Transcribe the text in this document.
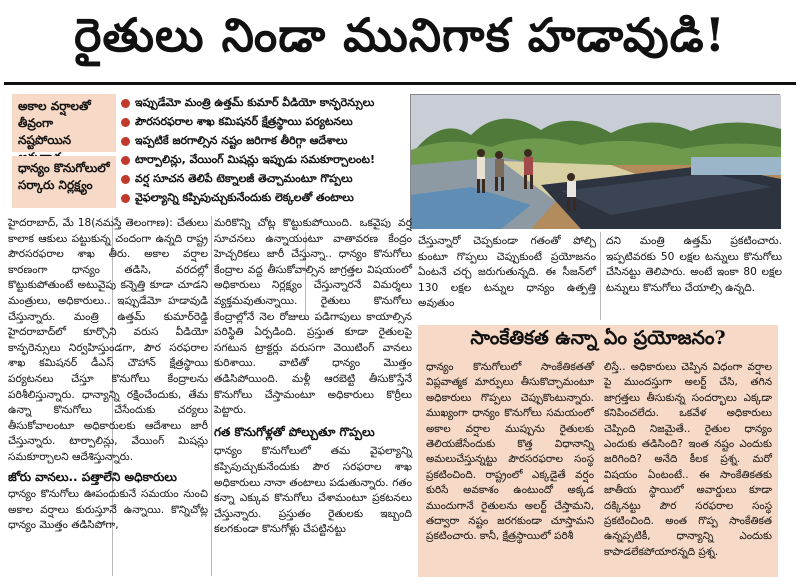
రైతులు నిండా మునిగాక హడావుడి!
అకాల వర్షాలతో తీవ్రంగా నష్టపోయిన
ధాన్యం కొనుగోలులో సర్కారు నిర్లక్ష్యం
ఇప్పుడేమో మంత్రి ఉత్తమ్ కుమార్ వీడియో కాన్ఫరెన్సులు
పౌరసరఫరాల శాఖ కమిషనర్ క్షేత్రస్థాయి పర్యటనలు
ఇప్పటికే జరగాల్సిన నష్టం జరిగాక తీరిగ్గా ఆదేశాలు
టార్పాలిన్లు, వేయింగ్ మిషన్లు ఇప్పుడు సమకూర్చాలంట!
వర్ష సూచన తెలిపే టెక్నాలజీ తెచ్చామంటూ గొప్పలు
వైఫల్యాన్ని కప్పిపుచ్చుకునేందుకు లెక్కలతో తంటాలు

హైదరాబాద్, మే 18(నమస్తే తెలంగాణ): చేతులు కాలాక ఆకులు పట్టుకున్న చందంగా ఉన్నది రాష్ట్ర పౌరసరఫరాల శాఖ తీరు. అకాల వర్షాల కారణంగా ధాన్యం తడిసి, వరదల్లో కొట్టుకుపోతుంటే అటువైపు కన్నెత్తి కూడా చూడని మంత్రులు, అధికారులు.. ఇప్పుడేమో హడావుడి చేస్తున్నారు. మంత్రి ఉత్తమ్ కుమార్‌రెడ్డి హైదరాబాద్‌లో కూర్చొని వరుస వీడియో కాన్ఫరెన్సులు నిర్వహిస్తుండగా, పౌర సరఫరాల శాఖ కమిషనర్ డీఎస్ చౌహాన్ క్షేత్రస్థాయి పర్యటనలు చేస్తూ కొనుగోలు కేంద్రాలను పరిశీలిస్తున్నారు. ధాన్యాన్ని రక్షించేందుకు, తేమ ఉన్నా కొనుగోలు చేసేందుకు చర్యలు తీసుకోవాలంటూ అధికారులకు ఆదేశాలు జారీ చేస్తున్నారు. టార్పాలిన్లు, వేయింగ్ మిషన్లు సమకూర్చాలని ఆదేశిస్తున్నారు.

జోరు వానలు.. పత్తాలేని అధికారులు

ధాన్యం కొనుగోలు ఊపందుకునే సమయం నుంచి అకాల వర్షాలు కురుస్తూనే ఉన్నాయి. కొన్నిచోట్ల ధాన్యం మొత్తం తడిసిపోగా,

మరికొన్ని చోట్ల కొట్టుకుపోయింది. ఒకవైపు వర్ష సూచనలు ఉన్నాయంటూ వాతావరణ కేంద్రం హెచ్చరికలు జారీ చేస్తున్నా.. ధాన్యం కొనుగోలు కేంద్రాల వద్ద తీసుకోవాల్సిన జాగ్రత్తల విషయంలో అధికారులు నిర్లక్ష్యం చేస్తున్నారనే విమర్శలు వ్యక్తమవుతున్నాయి. రైతులు కొనుగోలు కేంద్రాల్లోనే నెల రోజులు పడిగాపులు కాయాల్సిన పరిస్థితి ఏర్పడింది. ప్రస్తుత కూడా రైతులపై సగటున ట్రాక్టర్లు వరుసగా వెయిటింగ్ వానలు కురిశాయి. వాటితో ధాన్యం మొత్తం తడిసిపోయింది. మళ్లీ ఆరబెట్టి తీసుకొస్తేనే కొనుగోలు చేస్తామంటూ అధికారులు కొర్రీలు పెట్టారు.

గత కొనుగోళ్లతో పోల్చుతూ గొప్పలు

ధాన్యం కొనుగోలులో తమ వైఫల్యాన్ని కప్పిపుచ్చుకునేందుకు పౌర సరఫరాల శాఖ అధికారులు నానా తంటాలు పడుతున్నారు. గతం కన్నా ఎక్కువ కొనుగోలు చేశామంటూ ప్రకటనలు చేస్తున్నారు. ప్రస్తుతం రైతులకు ఇబ్బంది కలగకుండా కొనుగోళ్లు చేపట్టినట్టు

చేస్తున్నారో చెప్పకుండా గతంతో పోల్చి కుంటూ గొప్పలు చెప్పుకుంటే ప్రయోజనం ఏంటనే చర్చ జరుగుతున్నది. ఈ సీజన్‌లో 130 లక్షల టన్నుల ధాన్యం ఉత్పత్తి అవుతుం

దని మంత్రి ఉత్తమ్ ప్రకటించారు. ఇప్పటివరకు 50 లక్షల టన్నులు కొనుగోలు చేసినట్టు తెలిపారు. అంటే ఇంకా 80 లక్షల టన్నులు కొనుగోలు చేయాల్సి ఉన్నది.

సాంకేతికత ఉన్నా ఏం ప్రయోజనం?
ధాన్యం కొనుగోలులో సాంకేతికతతో విప్లవాత్మక మార్పులు తీసుకొచ్చామంటూ అధికారులు గొప్పలు చెప్పుకొంటున్నారు. ముఖ్యంగా ధాన్యం కొనుగోలు సమయంలో అకాల వర్షాల ముప్పును రైతులకు తెలియజేసేందుకు కొత్త విధానాన్ని అమలుచేస్తున్నట్టు పౌరసరఫరాల సంస్థ ప్రకటించింది. రాష్ట్రంలో ఎక్కడైతే వర్షం కురిసే అవకాశం ఉంటుందో అక్కడ ముందుగానే రైతులను అలర్ట్ చేస్తామని, తద్వారా నష్టం జరగకుండా చూస్తామని ప్రకటించారు. కానీ, క్షేత్రస్థాయిలో పరిశీ
లిస్తే.. అధికారులు చెప్పిన విధంగా వర్షాల పై ముందస్తుగా అలర్ట్ చేసి, తగిన జాగ్రత్తలు తీసుకున్న సందర్భాలు ఎక్కడా కనిపించలేదు. ఒకవేళ అధికారులు చెప్పింది నిజమైతే.. రైతుల ధాన్యం ఎందుకు తడిసింది? ఇంత నష్టం ఎందుకు జరిగింది? అనేది కీలక ప్రశ్న. మరో విషయం ఏంటంటే.. ఈ సాంకేతికతకు జాతీయ స్థాయిలో అవార్డులు కూడా దక్కినట్టు పౌర సరఫరాల సంస్థ ప్రకటించింది. అంత గొప్ప సాంకేతికత ఉన్నప్పటికీ, ధాన్యాన్ని ఎందుకు కాపాడలేకపోయారన్నది ప్రశ్న.
